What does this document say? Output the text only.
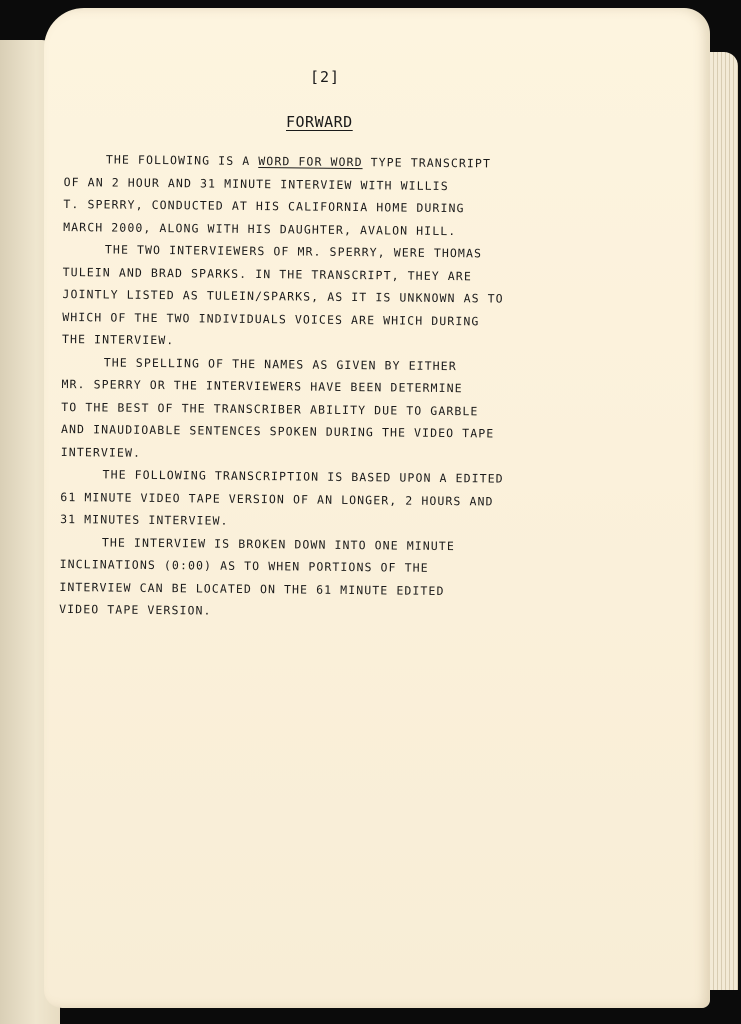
[2]
FORWARD

THE FOLLOWING IS A WORD FOR WORD TYPE TRANSCRIPT
OF AN 2 HOUR AND 31 MINUTE INTERVIEW WITH WILLIS
T. SPERRY, CONDUCTED AT HIS CALIFORNIA HOME DURING
MARCH 2000, ALONG WITH HIS DAUGHTER, AVALON HILL.

THE TWO INTERVIEWERS OF MR. SPERRY, WERE THOMAS
TULEIN AND BRAD SPARKS. IN THE TRANSCRIPT, THEY ARE
JOINTLY LISTED AS TULEIN/SPARKS, AS IT IS UNKNOWN AS TO
WHICH OF THE TWO INDIVIDUALS VOICES ARE WHICH DURING
THE INTERVIEW.

THE SPELLING OF THE NAMES AS GIVEN BY EITHER
MR. SPERRY OR THE INTERVIEWERS HAVE BEEN DETERMINE
TO THE BEST OF THE TRANSCRIBER ABILITY DUE TO GARBLE
AND INAUDIOABLE SENTENCES SPOKEN DURING THE VIDEO TAPE
INTERVIEW.

THE FOLLOWING TRANSCRIPTION IS BASED UPON A EDITED
61 MINUTE VIDEO TAPE VERSION OF AN LONGER, 2 HOURS AND
31 MINUTES INTERVIEW.

THE INTERVIEW IS BROKEN DOWN INTO ONE MINUTE
INCLINATIONS (0:00) AS TO WHEN PORTIONS OF THE
INTERVIEW CAN BE LOCATED ON THE 61 MINUTE EDITED
VIDEO TAPE VERSION.
